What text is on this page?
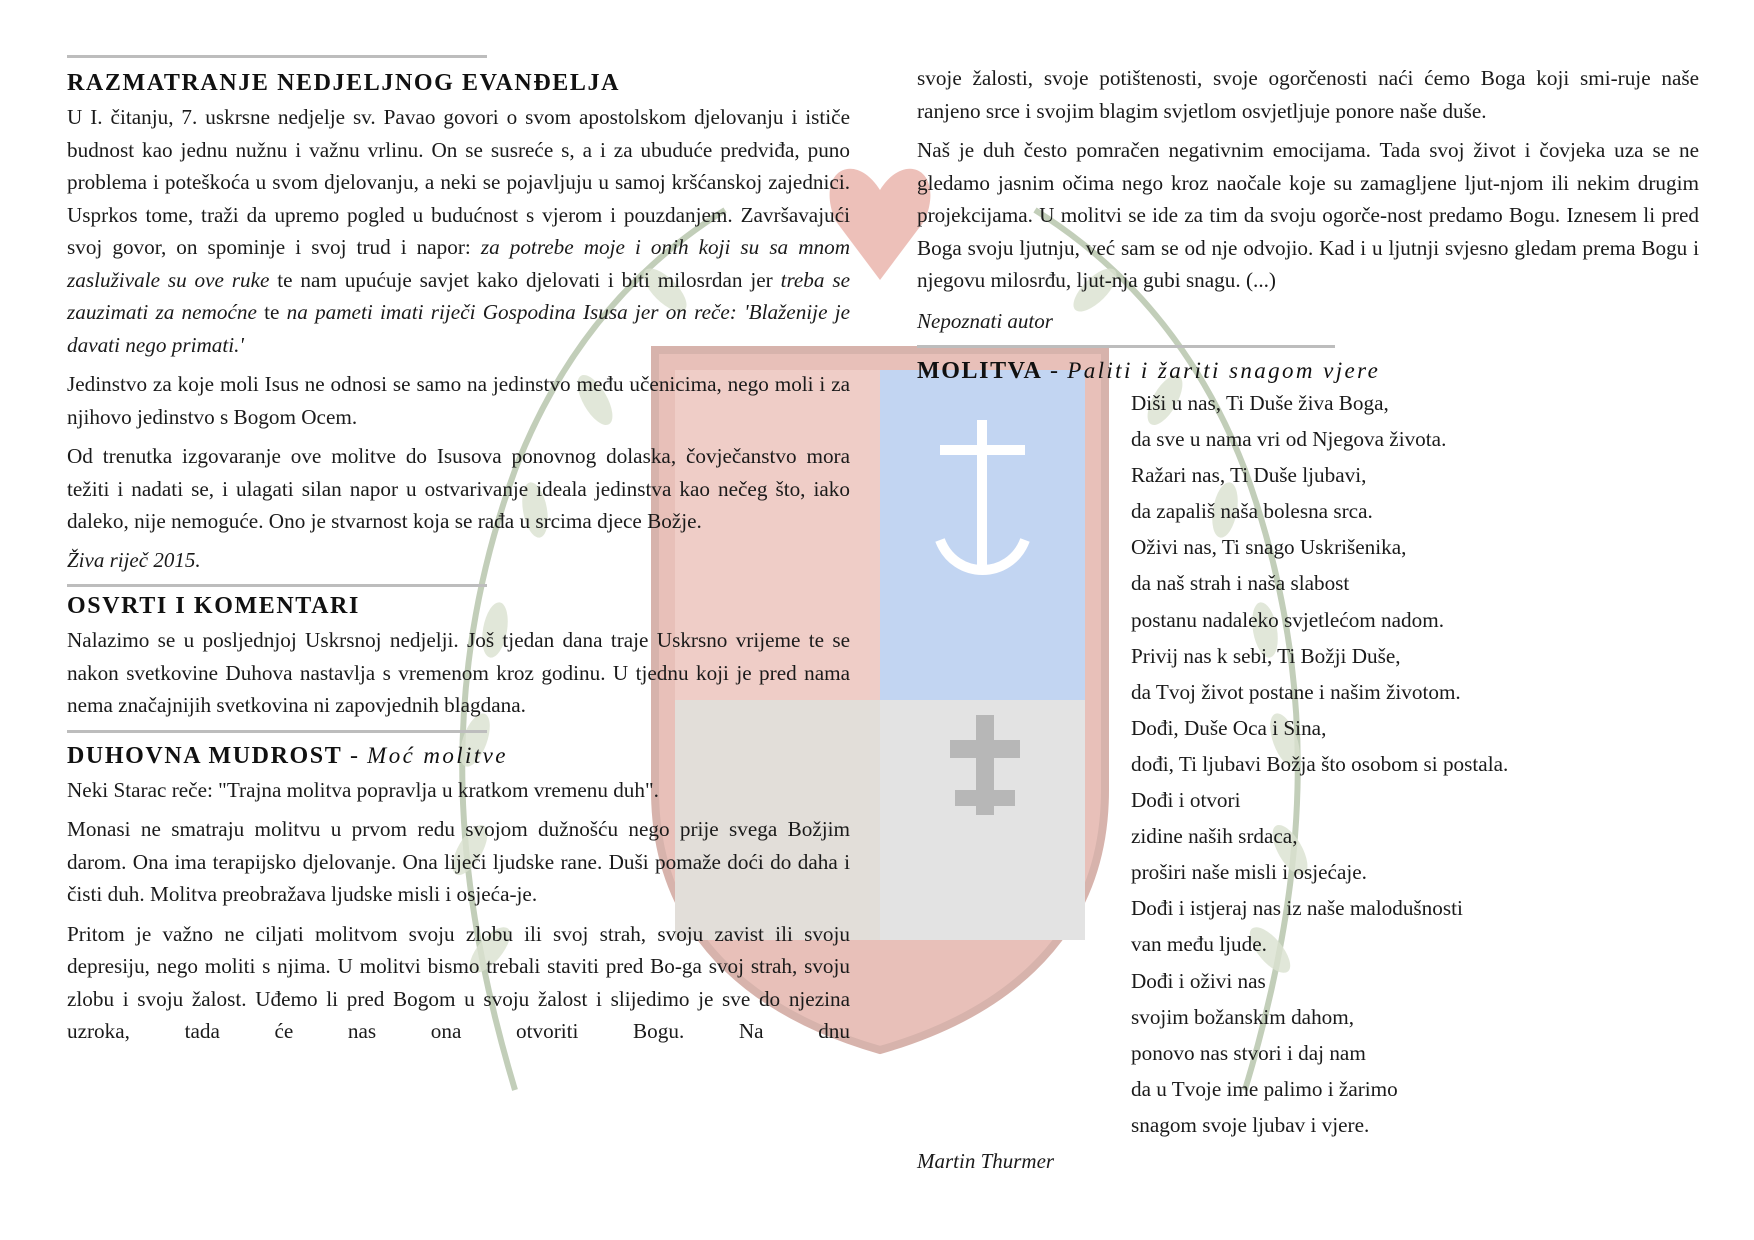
RAZMATRANJE NEDJELJNOG EVANĐELJA

U I. čitanju, 7. uskrsne nedjelje sv. Pavao govori o svom apostolskom djelovanju i ističe budnost kao jednu nužnu i važnu vrlinu. On se susreće s, a i za ubuduće predviđa, puno problema i poteškoća u svom djelovanju, a neki se pojavljuju u samoj kršćanskoj zajednici. Usprkos tome, traži da upremo pogled u budućnost s vjerom i pouzdanjem. Završavajući svoj govor, on spominje i svoj trud i napor: za potrebe moje i onih koji su sa mnom zasluživale su ove ruke te nam upućuje savjet kako djelovati i biti milosrdan jer treba se zauzimati za nemoćne te na pameti imati riječi Gospodina Isusa jer on reče: 'Blaženije je davati nego primati.'

Jedinstvo za koje moli Isus ne odnosi se samo na jedinstvo među učenicima, nego moli i za njihovo jedinstvo s Bogom Ocem.

Od trenutka izgovaranje ove molitve do Isusova ponovnog dolaska, čovječanstvo mora težiti i nadati se, i ulagati silan napor u ostvarivanje ideala jedinstva kao nečeg što, iako daleko, nije nemoguće. Ono je stvarnost koja se rađa u srcima djece Božje.

Živa riječ 2015.

OSVRTI I KOMENTARI

Nalazimo se u posljednjoj Uskrsnoj nedjelji. Još tjedan dana traje Uskrsno vrijeme te se nakon svetkovine Duhova nastavlja s vremenom kroz godinu. U tjednu koji je pred nama nema značajnijih svetkovina ni zapovjednih blagdana.

DUHOVNA MUDROST - Moć molitve

Neki Starac reče: "Trajna molitva popravlja u kratkom vremenu duh".

Monasi ne smatraju molitvu u prvom redu svojom dužnošću nego prije svega Božjim darom. Ona ima terapijsko djelovanje. Ona liječi ljudske rane. Duši pomaže doći do daha i čisti duh. Molitva preobražava ljudske misli i osjeća-je.

Pritom je važno ne ciljati molitvom svoju zlobu ili svoj strah, svoju zavist ili svoju depresiju, nego moliti s njima. U molitvi bismo trebali staviti pred Bo-ga svoj strah, svoju zlobu i svoju žalost. Uđemo li pred Bogom u svoju žalost i slijedimo je sve do njezina uzroka, tada će nas ona otvoriti Bogu. Na dnu

svoje žalosti, svoje potištenosti, svoje ogorčenosti naći ćemo Boga koji smi-ruje naše ranjeno srce i svojim blagim svjetlom osvjetljuje ponore naše duše.

Naš je duh često pomračen negativnim emocijama. Tada svoj život i čovjeka uza se ne gledamo jasnim očima nego kroz naočale koje su zamagljene ljut-njom ili nekim drugim projekcijama. U molitvi se ide za tim da svoju ogorče-nost predamo Bogu. Iznesem li pred Boga svoju ljutnju, već sam se od nje odvojio. Kad i u ljutnji svjesno gledam prema Bogu i njegovu milosrđu, ljut-nja gubi snagu. (...)

Nepoznati autor

MOLITVA - Paliti i žariti snagom vjere
Diši u nas, Ti Duše živa Boga,
da sve u nama vri od Njegova života.
Ražari nas, Ti Duše ljubavi,
da zapališ naša bolesna srca.
Oživi nas, Ti snago Uskrišenika,
da naš strah i naša slabost
postanu nadaleko svjetlećom nadom.
Privij nas k sebi, Ti Božji Duše,
da Tvoj život postane i našim životom.
Dođi, Duše Oca i Sina,
dođi, Ti ljubavi Božja što osobom si postala.
Dođi i otvori
zidine naših srdaca,
proširi naše misli i osjećaje.
Dođi i istjeraj nas iz naše malodušnosti
van među ljude.
Dođi i oživi nas
svojim božanskim dahom,
ponovo nas stvori i daj nam
da u Tvoje ime palimo i žarimo
snagom svoje ljubav i vjere.

Martin Thurmer
